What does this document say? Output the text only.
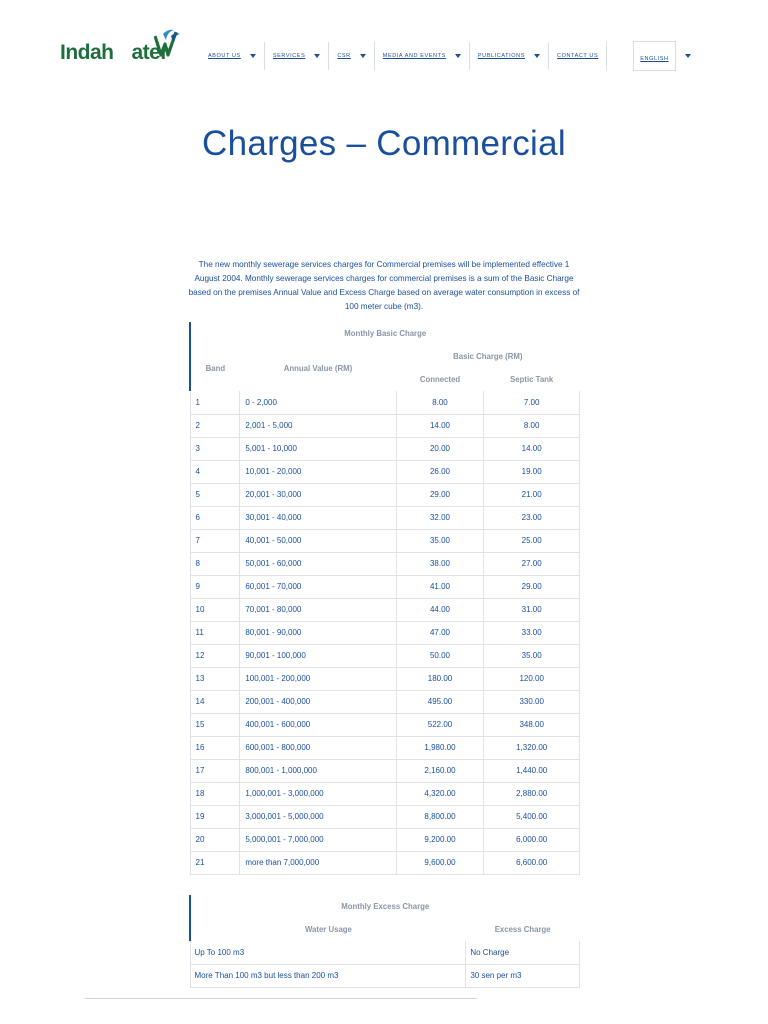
Indah ater	ABOUT US	SERVICES	CSR	MEDIA AND EVENTS	PUBLICATIONS	CONTACT US	ENGLISH
Charges – Commercial

The new monthly sewerage services charges for Commercial premises will be implemented effective 1 August 2004. Monthly sewerage services charges for commercial premises is a sum of the Basic Charge based on the premises Annual Value and Excess Charge based on average water consumption in excess of 100 meter cube (m3).

Monthly Basic Charge			
Band	Annual Value (RM)	Basic Charge (RM)	
		Connected	Septic Tank
1	0 - 2,000	8.00	7.00
2	2,001 - 5,000	14.00	8.00
3	5,001 - 10,000	20.00	14.00
4	10,001 - 20,000	26.00	19.00
5	20,001 - 30,000	29.00	21.00
6	30,001 - 40,000	32.00	23.00
7	40,001 - 50,000	35.00	25.00
8	50,001 - 60,000	38.00	27.00
9	60,001 - 70,000	41.00	29.00
10	70,001 - 80,000	44.00	31.00
11	80,001 - 90,000	47.00	33.00
12	90,001 - 100,000	50.00	35.00
13	100,001 - 200,000	180.00	120.00
14	200,001 - 400,000	495.00	330.00
15	400,001 - 600,000	522.00	348.00
16	600,001 - 800,000	1,980.00	1,320.00
17	800,001 - 1,000,000	2,160.00	1,440.00
18	1,000,001 - 3,000,000	4,320.00	2,880.00
19	3,000,001 - 5,000,000	8,800.00	5,400.00
20	5,000,001 - 7,000,000	9,200.00	6,000.00
21	more than 7,000,000	9,600.00	6,600.00
Monthly Excess Charge	
Water Usage	Excess Charge
Up To 100 m3	No Charge
More Than 100 m3 but less than 200 m3	30 sen per m3
